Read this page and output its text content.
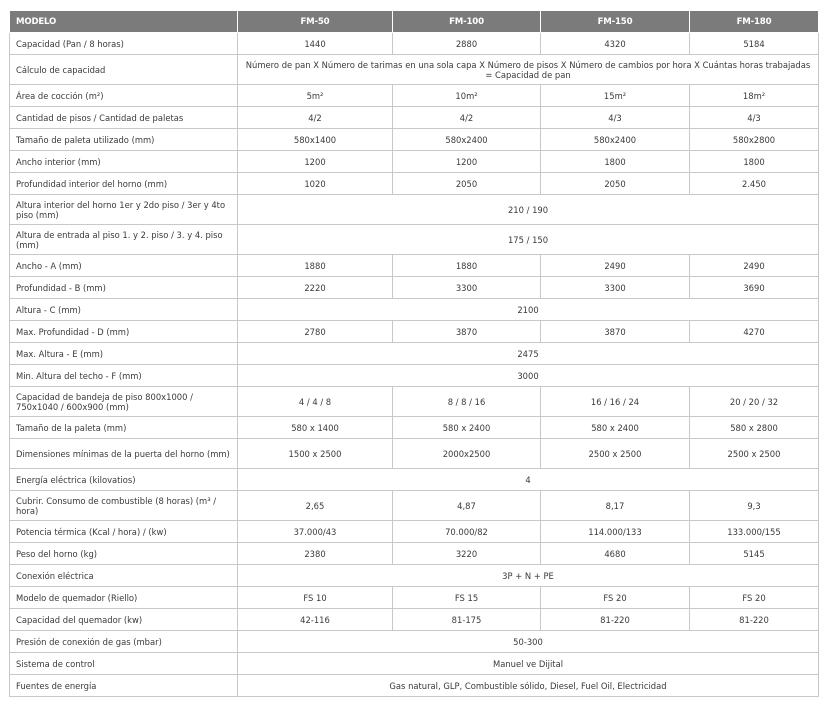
MODELO	FM-50	FM-100	FM-150	FM-180
Capacidad (Pan / 8 horas)	1440	2880	4320	5184
Cálculo de capacidad	Número de pan X Número de tarimas en una sola capa X Número de pisos X Número de cambios por hora X Cuántas horas trabajadas = Capacidad de pan			
Área de cocción (m²)	5m²	10m²	15m²	18m²
Cantidad de pisos / Cantidad de paletas	4/2	4/2	4/3	4/3
Tamaño de paleta utilizado (mm)	580x1400	580x2400	580x2400	580x2800
Ancho interior (mm)	1200	1200	1800	1800
Profundidad interior del horno (mm)	1020	2050	2050	2.450
Altura interior del horno 1er y 2do piso / 3er y 4to piso (mm)	210 / 190			
Altura de entrada al piso 1. y 2. piso / 3. y 4. piso (mm)	175 / 150			
Ancho - A (mm)	1880	1880	2490	2490
Profundidad - B (mm)	2220	3300	3300	3690
Altura - C (mm)	2100			
Max. Profundidad - D (mm)	2780	3870	3870	4270
Max. Altura - E (mm)	2475			
Min. Altura del techo - F (mm)	3000			
Capacidad de bandeja de piso 800x1000 / 750x1040 / 600x900 (mm)	4 / 4 / 8	8 / 8 / 16	16 / 16 / 24	20 / 20 / 32
Tamaño de la paleta (mm)	580 x 1400	580 x 2400	580 x 2400	580 x 2800
Dimensiones mínimas de la puerta del horno (mm)	1500 x 2500	2000x2500	2500 x 2500	2500 x 2500
Energía eléctrica (kilovatios)	4			
Cubrir. Consumo de combustible (8 horas) (m³ / hora)	2,65	4,87	8,17	9,3
Potencia térmica (Kcal / hora) / (kw)	37.000/43	70.000/82	114.000/133	133.000/155
Peso del horno (kg)	2380	3220	4680	5145
Conexión eléctrica	3P + N + PE			
Modelo de quemador (Riello)	FS 10	FS 15	FS 20	FS 20
Capacidad del quemador (kw)	42-116	81-175	81-220	81-220
Presión de conexión de gas (mbar)	50-300			
Sistema de control	Manuel ve Dijital			
Fuentes de energía	Gas natural, GLP, Combustible sólido, Diesel, Fuel Oil, Electricidad			
